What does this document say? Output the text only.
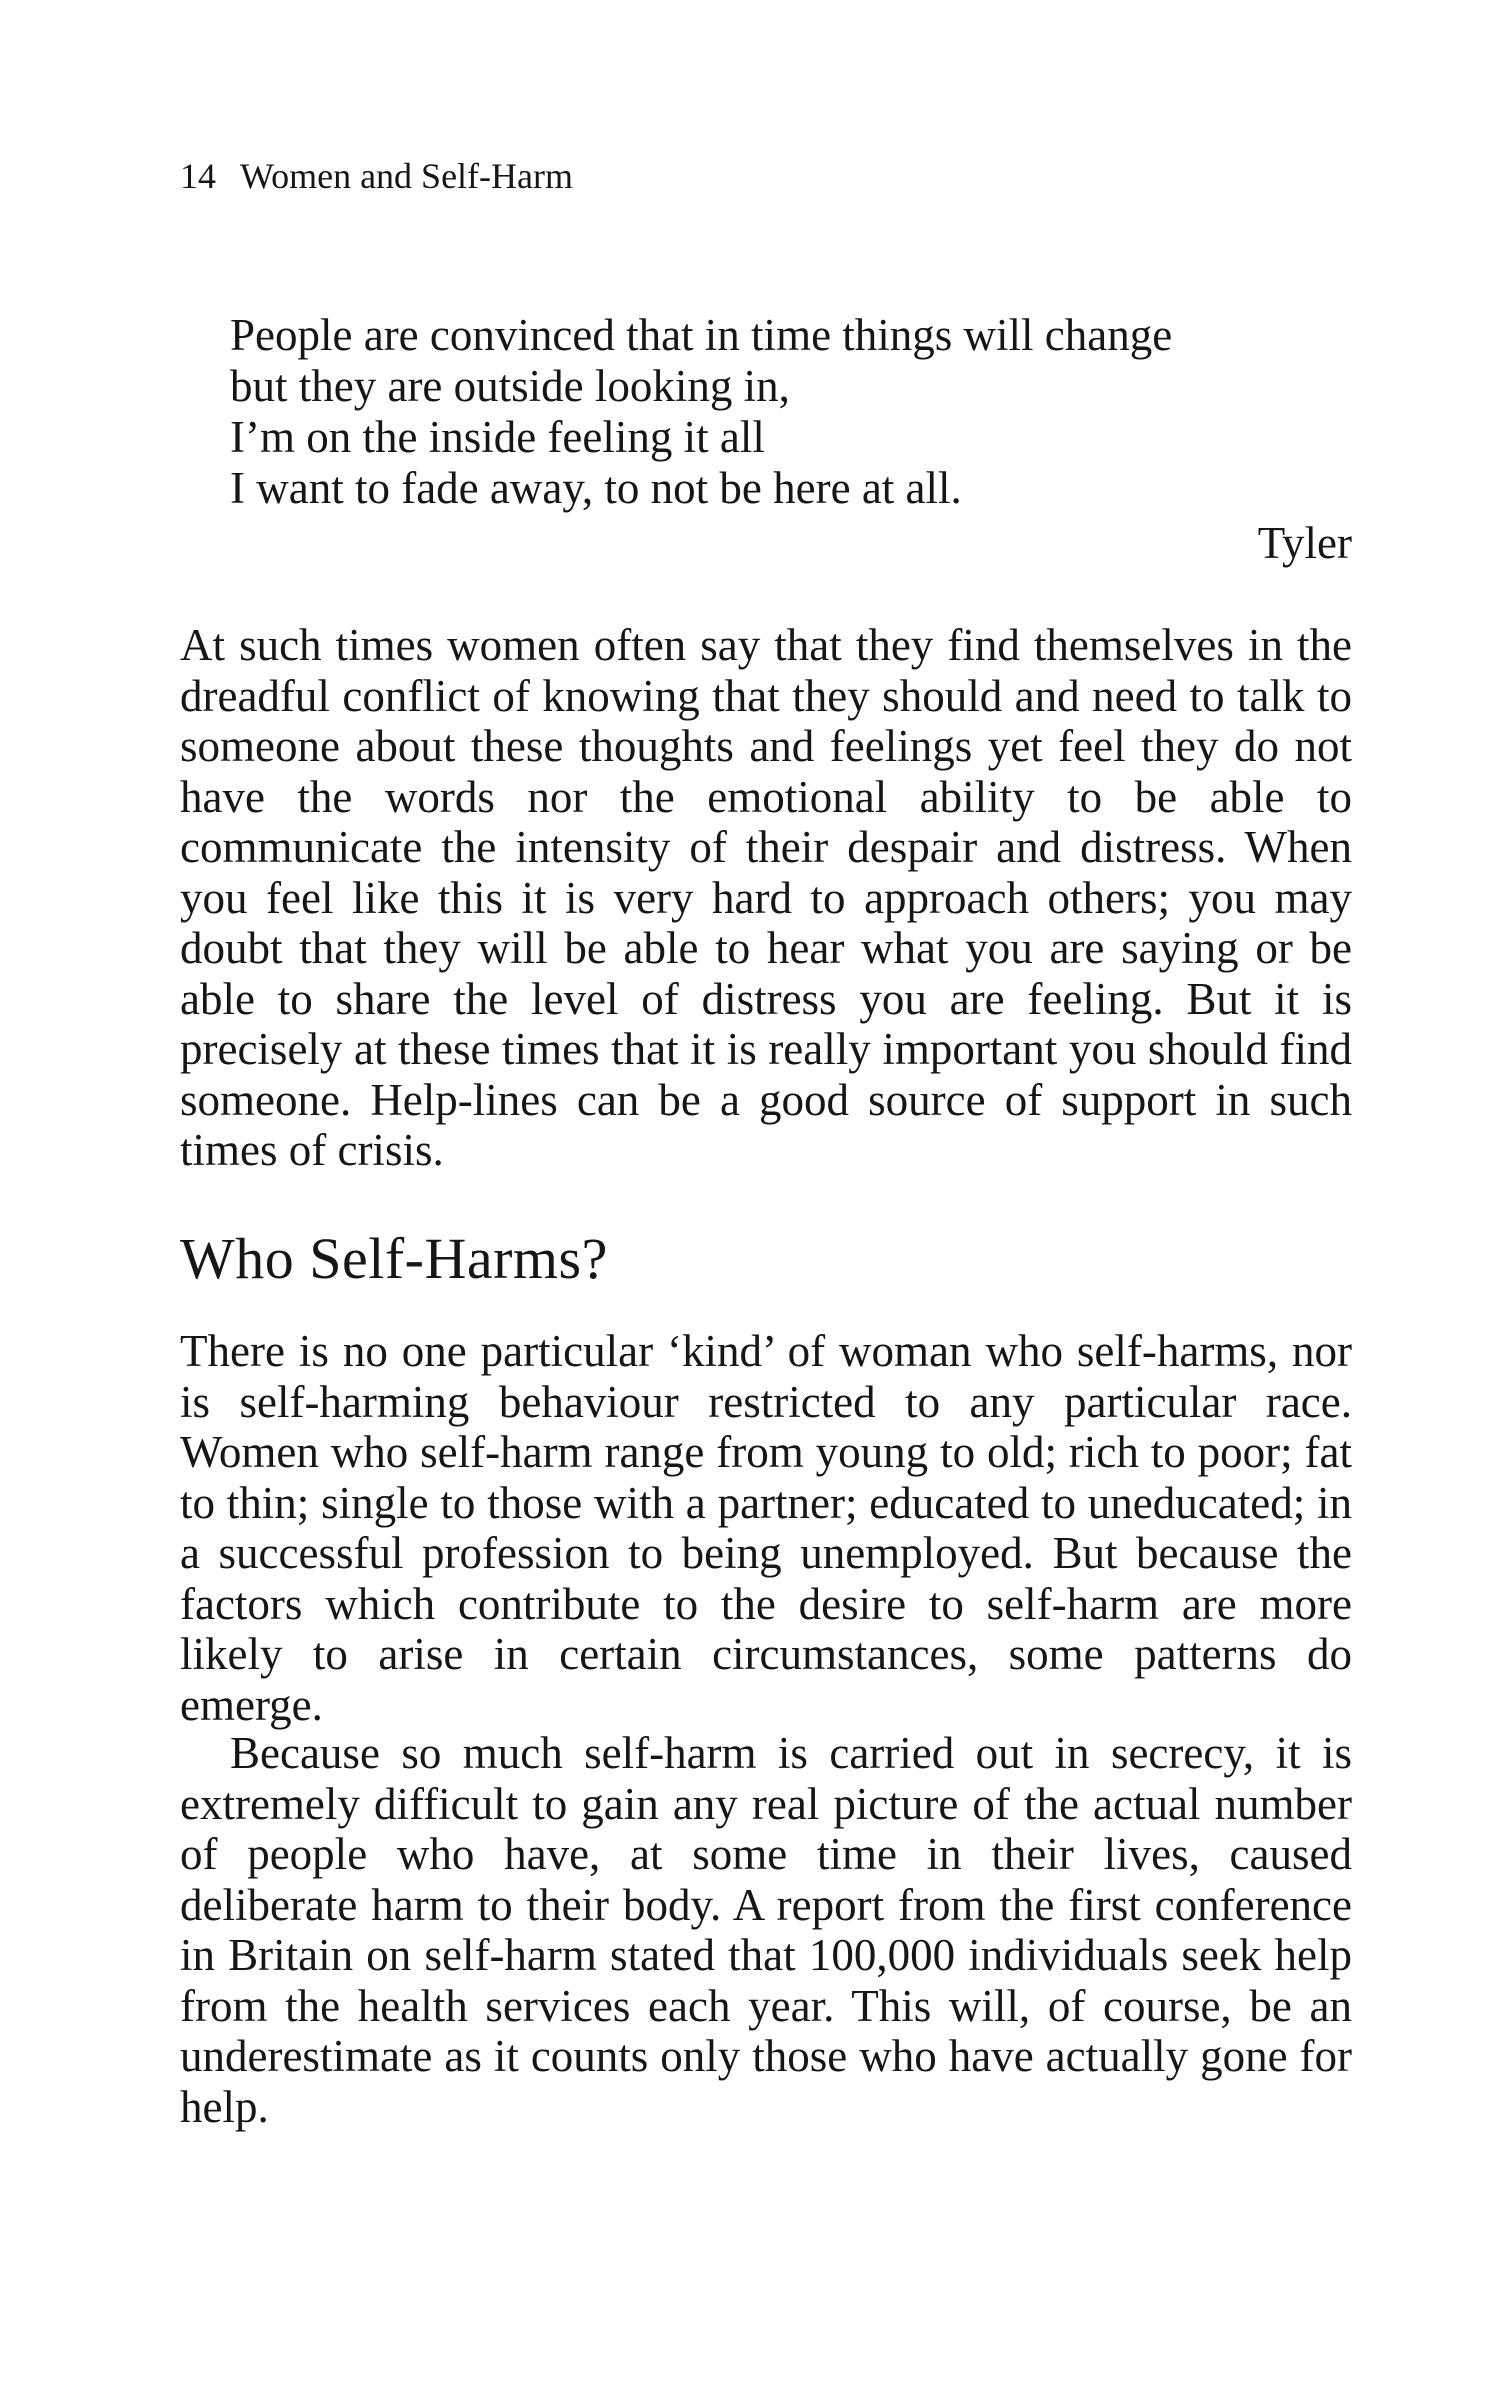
14 Women and Self-Harm
People are convinced that in time things will change
but they are outside looking in,
I’m on the inside feeling it all
I want to fade away, to not be here at all.
Tyler

At such times women often say that they find themselves in the dreadful conflict of knowing that they should and need to talk to someone about these thoughts and feelings yet feel they do not have the words nor the emotional ability to be able to communicate the intensity of their despair and distress. When you feel like this it is very hard to approach others; you may doubt that they will be able to hear what you are saying or be able to share the level of distress you are feeling. But it is precisely at these times that it is really important you should find someone. Help-lines can be a good source of support in such times of crisis.

Who Self-Harms?

There is no one particular ‘kind’ of woman who self-harms, nor is self-harming behaviour restricted to any particular race. Women who self-harm range from young to old; rich to poor; fat to thin; single to those with a partner; educated to uneducated; in a successful profession to being unemployed. But because the factors which contribute to the desire to self-harm are more likely to arise in certain circumstances, some patterns do emerge.

Because so much self-harm is carried out in secrecy, it is extremely difficult to gain any real picture of the actual number of people who have, at some time in their lives, caused deliberate harm to their body. A report from the first conference in Britain on self-harm stated that 100,000 individuals seek help from the health services each year. This will, of course, be an underestimate as it counts only those who have actually gone for help.
